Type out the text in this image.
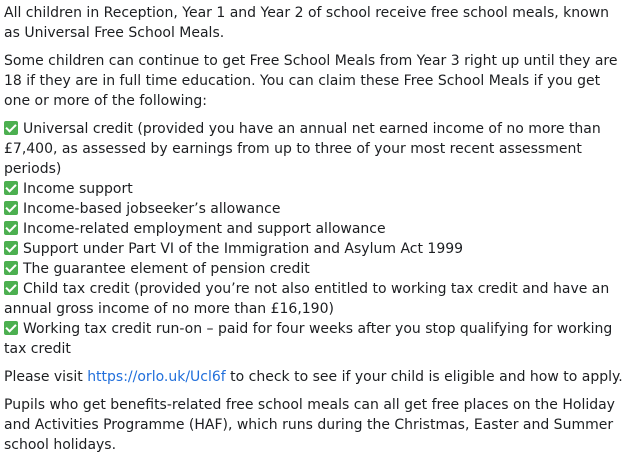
All children in Reception, Year 1 and Year 2 of school receive free school meals, known as Universal Free School Meals.

Some children can continue to get Free School Meals from Year 3 right up until they are 18 if they are in full time education. You can claim these Free School Meals if you get one or more of the following:

Universal credit (provided you have an annual net earned income of no more than £7,400, as assessed by earnings from up to three of your most recent assessment periods)
Income support
Income-based jobseeker’s allowance
Income-related employment and support allowance
Support under Part VI of the Immigration and Asylum Act 1999
The guarantee element of pension credit
Child tax credit (provided you’re not also entitled to working tax credit and have an annual gross income of no more than £16,190)
Working tax credit run-on – paid for four weeks after you stop qualifying for working tax credit

Please visit https://orlo.uk/Ucl6f to check to see if your child is eligible and how to apply.

Pupils who get benefits-related free school meals can all get free places on the Holiday and Activities Programme (HAF), which runs during the Christmas, Easter and Summer school holidays.
